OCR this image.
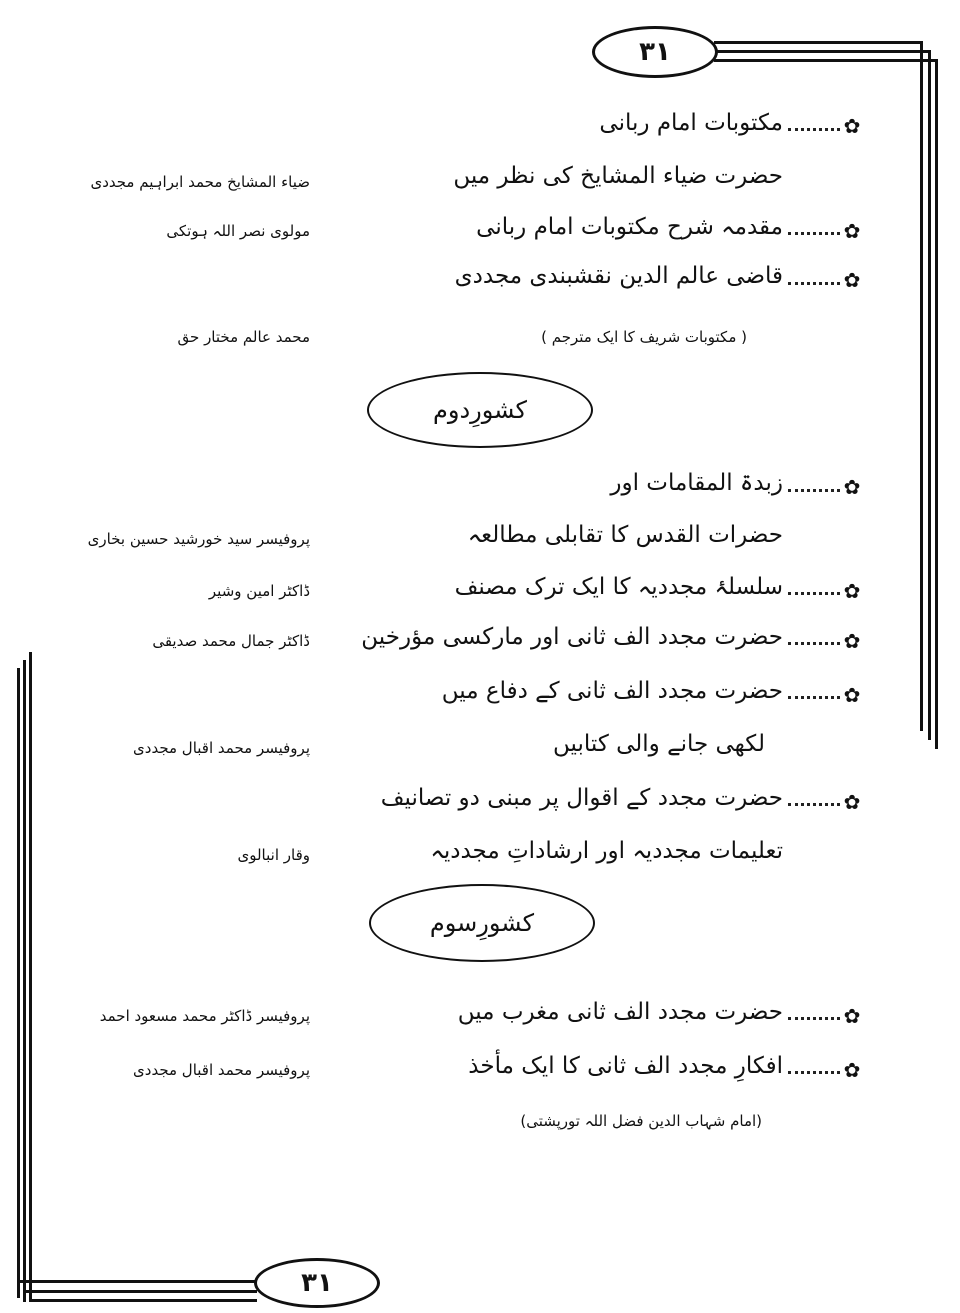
۳۱
۳۱
✿
مکتوبات امام ربانی
حضرت ضیاء المشایخ کی نظر میں
ضیاء المشایخ محمد ابراہیم مجددی
✿
مقدمہ شرح مکتوبات امام ربانی
مولوی نصر اللہ ہوتکی
✿
قاضی عالم الدین نقشبندی مجددی
( مکتوبات شریف کا ایک مترجم )
محمد عالم مختار حق
کشورِدوم
✿
زبدۃ المقامات اور
حضرات القدس کا تقابلی مطالعہ
پروفیسر سید خورشید حسین بخاری
✿
سلسلۂ مجددیہ کا ایک ترک مصنف
ڈاکٹر امین وشیر
✿
حضرت مجدد الف ثانی اور مارکسی مؤرخین
ڈاکٹر جمال محمد صدیقی
✿
حضرت مجدد الف ثانی کے دفاع میں
لکھی جانے والی کتابیں
پروفیسر محمد اقبال مجددی
✿
حضرت مجدد کے اقوال پر مبنی دو تصانیف
تعلیمات مجددیہ اور ارشاداتِ مجددیہ
وقار انبالوی
کشورِسوم
✿
حضرت مجدد الف ثانی مغرب میں
پروفیسر ڈاکٹر محمد مسعود احمد
✿
افکارِ مجدد الف ثانی کا ایک مأخذ
پروفیسر محمد اقبال مجددی
(امام شہاب الدین فضل اللہ تورپشتی)
